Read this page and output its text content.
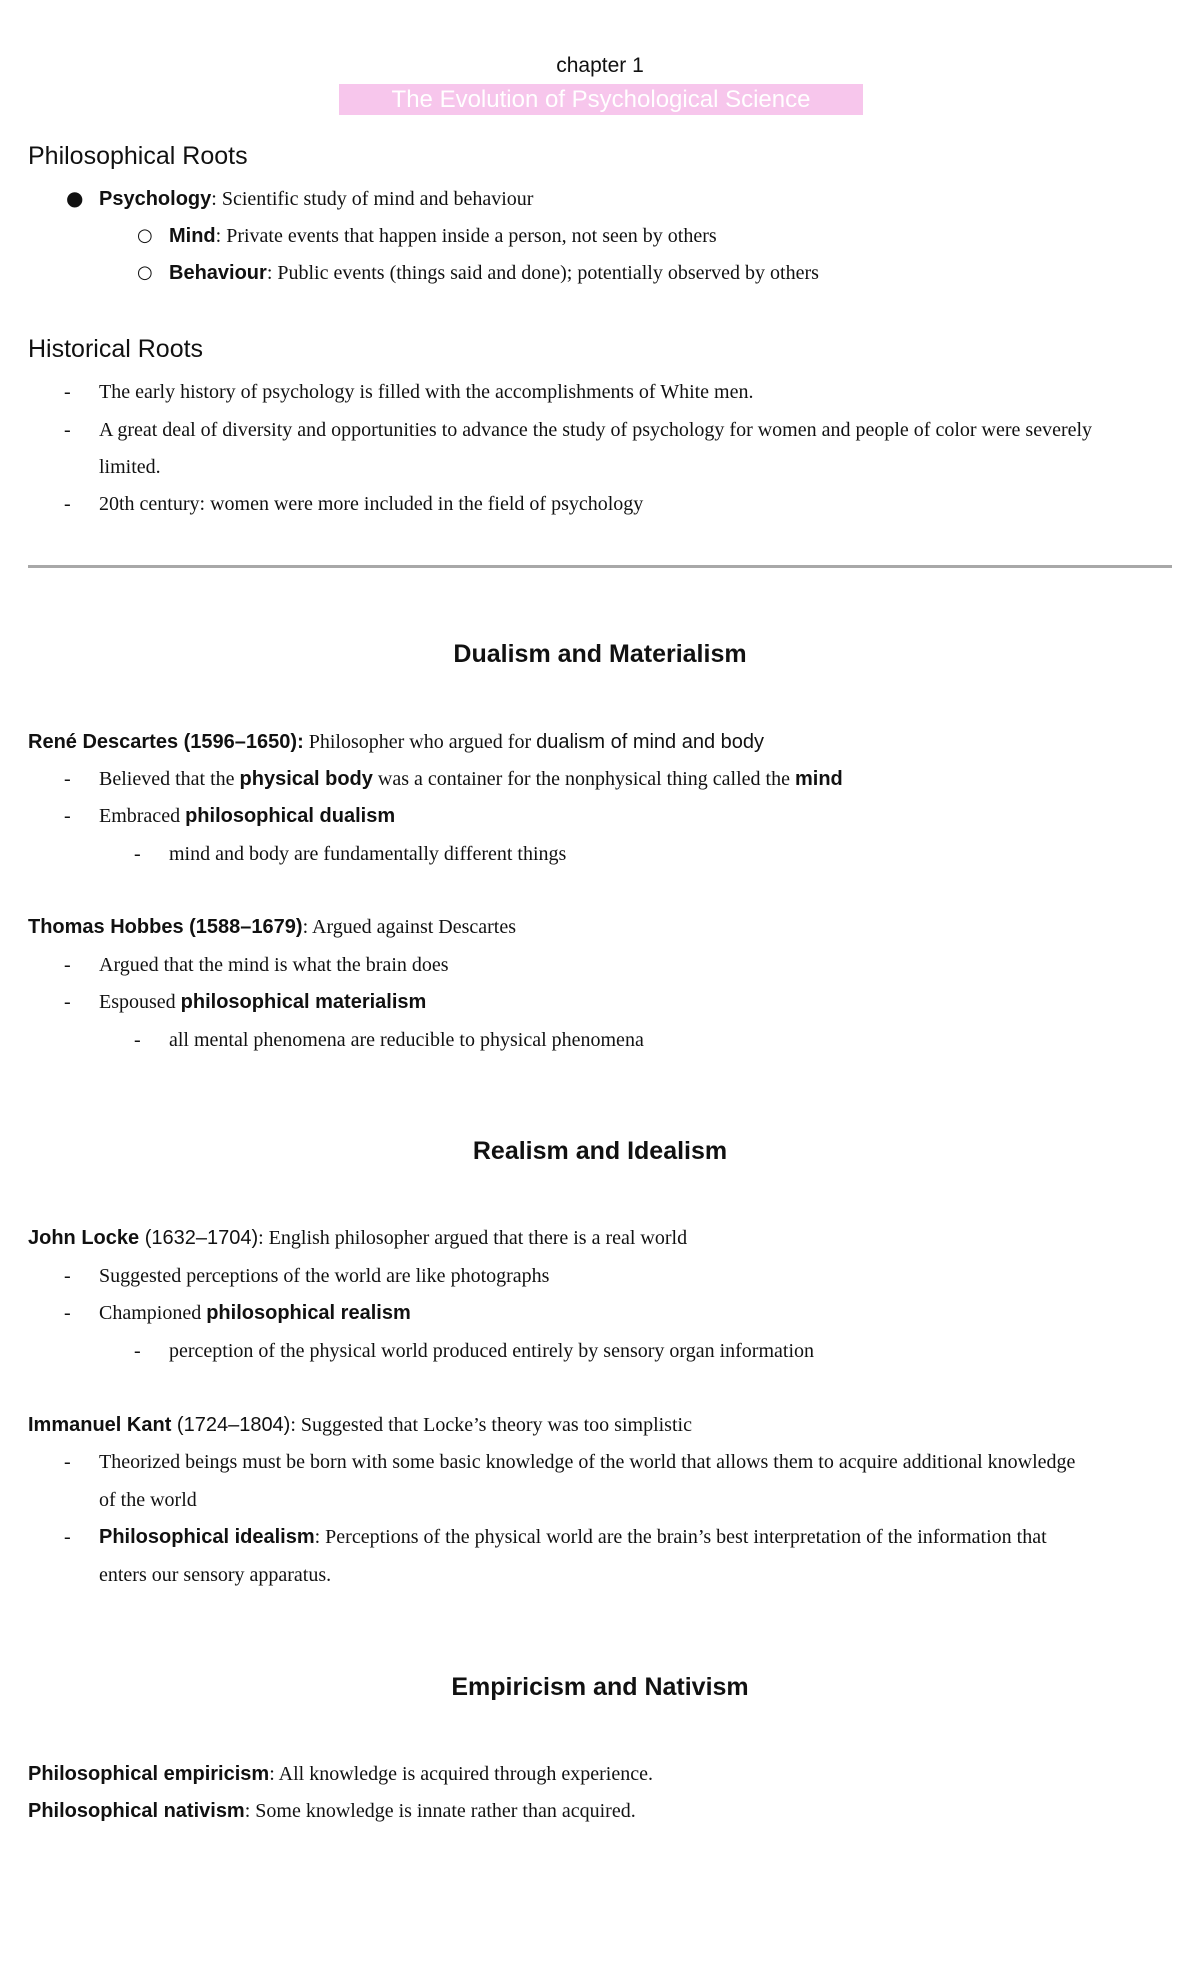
chapter 1
The Evolution of Psychological Science
Philosophical Roots
● Psychology: Scientific study of mind and behaviour
○ Mind: Private events that happen inside a person, not seen by others
○ Behaviour: Public events (things said and done); potentially observed by others
Historical Roots
- The early history of psychology is filled with the accomplishments of White men.
- A great deal of diversity and opportunities to advance the study of psychology for women and people of color were severely
limited.
- 20th century: women were more included in the field of psychology
Dualism and Materialism
René Descartes (1596–1650): Philosopher who argued for dualism of mind and body
- Believed that the physical body was a container for the nonphysical thing called the mind
- Embraced philosophical dualism
- mind and body are fundamentally different things
Thomas Hobbes (1588–1679): Argued against Descartes
- Argued that the mind is what the brain does
- Espoused philosophical materialism
- all mental phenomena are reducible to physical phenomena
Realism and Idealism
John Locke (1632–1704): English philosopher argued that there is a real world
- Suggested perceptions of the world are like photographs
- Championed philosophical realism
- perception of the physical world produced entirely by sensory organ information
Immanuel Kant (1724–1804): Suggested that Locke’s theory was too simplistic
- Theorized beings must be born with some basic knowledge of the world that allows them to acquire additional knowledge
of the world
- Philosophical idealism: Perceptions of the physical world are the brain’s best interpretation of the information that
enters our sensory apparatus.
Empiricism and Nativism
Philosophical empiricism: All knowledge is acquired through experience.
Philosophical nativism: Some knowledge is innate rather than acquired.
